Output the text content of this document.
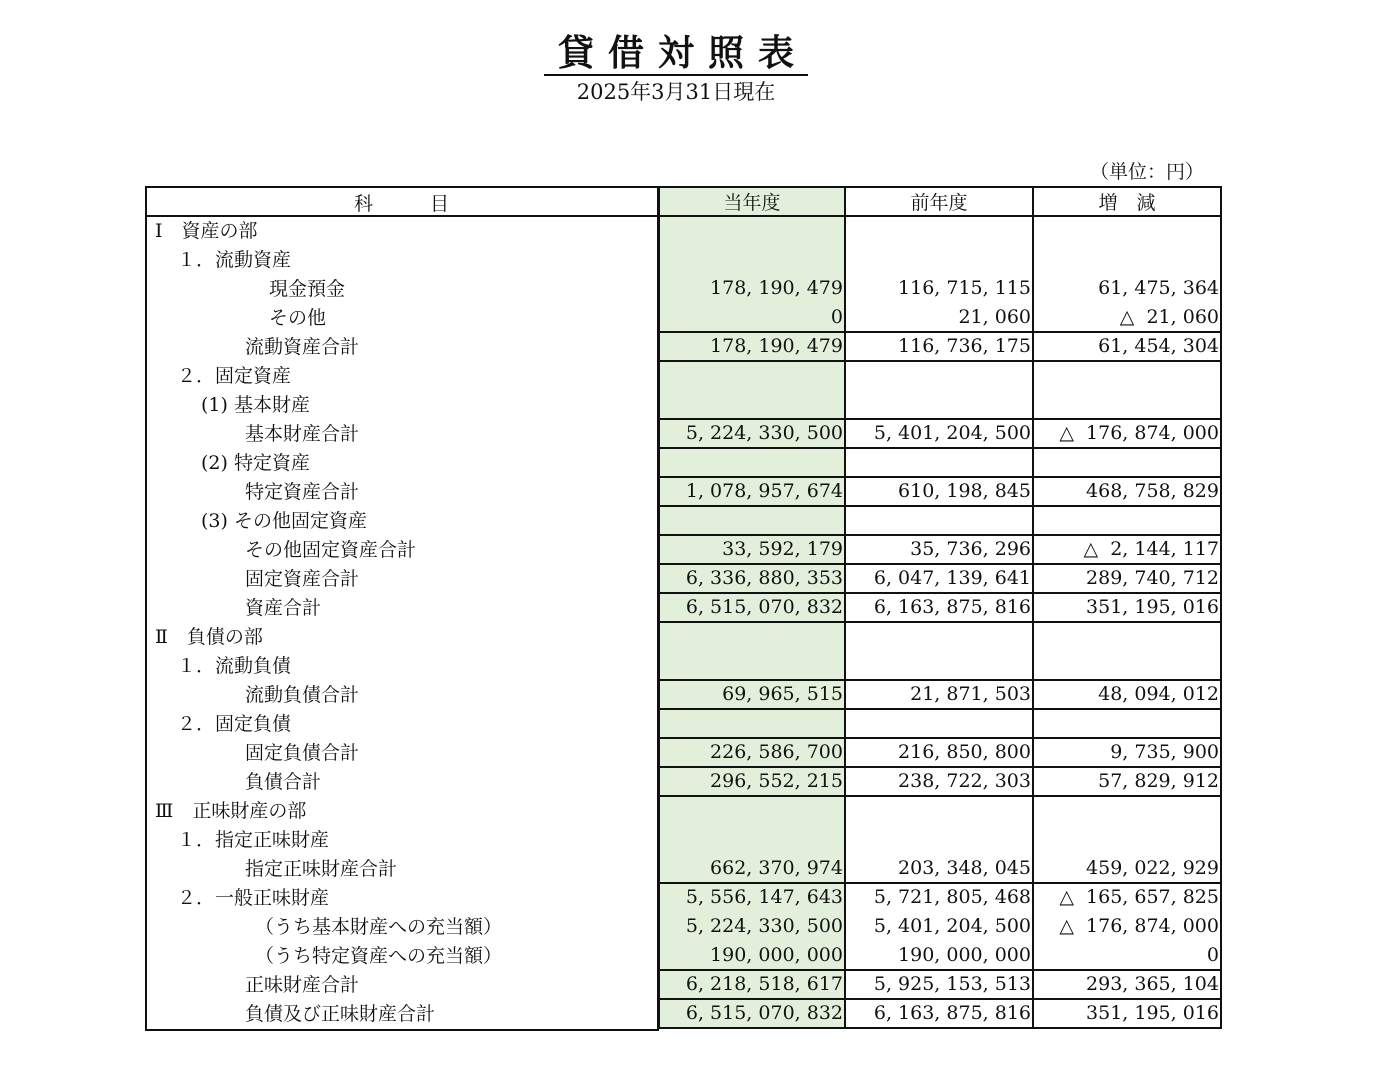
貸借対照表
2025年3月31日現在
（単位：円）
科　　　目
Ⅰ　資産の部
１．流動資産
現金預金
その他
流動資産合計
２．固定資産
(1) 基本財産
基本財産合計
(2) 特定資産
特定資産合計
(3) その他固定資産
その他固定資産合計
固定資産合計
資産合計
Ⅱ　負債の部
１．流動負債
流動負債合計
２．固定負債
固定負債合計
負債合計
Ⅲ　正味財産の部
１．指定正味財産
指定正味財産合計
２．一般正味財産
（うち基本財産への充当額）
（うち特定資産への充当額）
正味財産合計
負債及び正味財産合計
当年度
178, 190, 479
0
178, 190, 479
5, 224, 330, 500
1, 078, 957, 674
33, 592, 179
6, 336, 880, 353
6, 515, 070, 832
69, 965, 515
226, 586, 700
296, 552, 215
662, 370, 974
5, 556, 147, 643
5, 224, 330, 500
190, 000, 000
6, 218, 518, 617
6, 515, 070, 832
前年度
116, 715, 115
21, 060
116, 736, 175
5, 401, 204, 500
610, 198, 845
35, 736, 296
6, 047, 139, 641
6, 163, 875, 816
21, 871, 503
216, 850, 800
238, 722, 303
203, 348, 045
5, 721, 805, 468
5, 401, 204, 500
190, 000, 000
5, 925, 153, 513
6, 163, 875, 816
増　減
61, 475, 364
△  21, 060
61, 454, 304
△  176, 874, 000
468, 758, 829
△  2, 144, 117
289, 740, 712
351, 195, 016
48, 094, 012
9, 735, 900
57, 829, 912
459, 022, 929
△  165, 657, 825
△  176, 874, 000
0
293, 365, 104
351, 195, 016
